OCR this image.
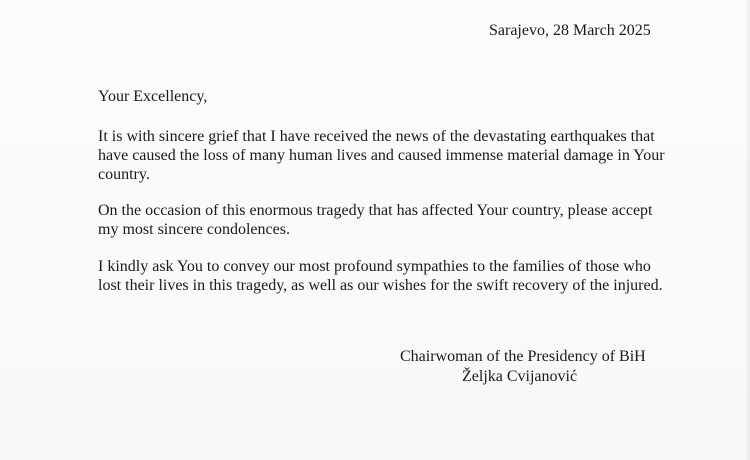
Sarajevo, 28 March 2025
Your Excellency,

It is with sincere grief that I have received the news of the devastating earthquakes that
have caused the loss of many human lives and caused immense material damage in Your
country.

On the occasion of this enormous tragedy that has affected Your country, please accept
my most sincere condolences.

I kindly ask You to convey our most profound sympathies to the families of those who
lost their lives in this tragedy, as well as our wishes for the swift recovery of the injured.

Chairwoman of the Presidency of BiH
Željka Cvijanović
